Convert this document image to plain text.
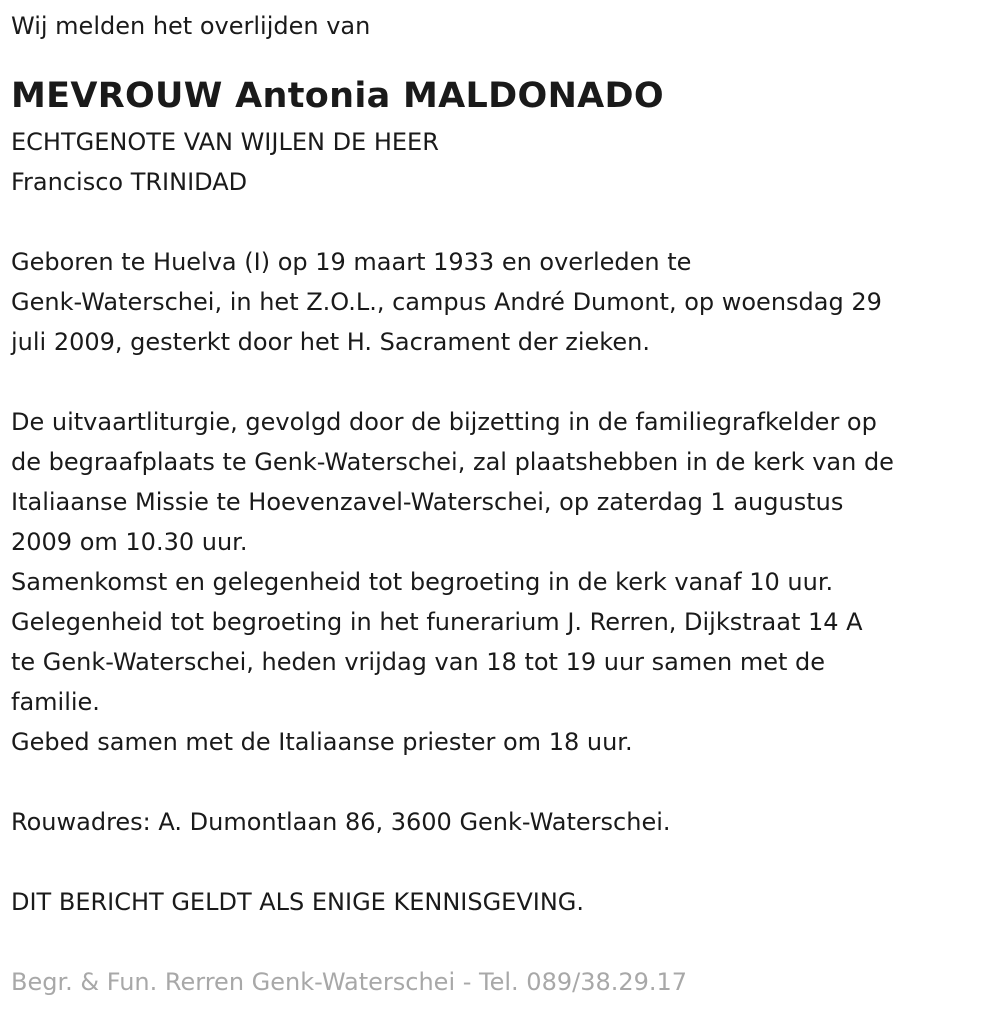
Wij melden het overlijden van

MEVROUW Antonia MALDONADO

ECHTGENOTE VAN WIJLEN DE HEER

Francisco TRINIDAD

Geboren te Huelva (I) op 19 maart 1933 en overleden te

Genk-Waterschei, in het Z.O.L., campus André Dumont, op woensdag 29

juli 2009, gesterkt door het H. Sacrament der zieken.

De uitvaartliturgie, gevolgd door de bijzetting in de familiegrafkelder op

de begraafplaats te Genk-Waterschei, zal plaatshebben in de kerk van de

Italiaanse Missie te Hoevenzavel-Waterschei, op zaterdag 1 augustus

2009 om 10.30 uur.

Samenkomst en gelegenheid tot begroeting in de kerk vanaf 10 uur.

Gelegenheid tot begroeting in het funerarium J. Rerren, Dijkstraat 14 A

te Genk-Waterschei, heden vrijdag van 18 tot 19 uur samen met de

familie.

Gebed samen met de Italiaanse priester om 18 uur.

Rouwadres: A. Dumontlaan 86, 3600 Genk-Waterschei.

DIT BERICHT GELDT ALS ENIGE KENNISGEVING.

Begr. & Fun. Rerren Genk-Waterschei - Tel. 089/38.29.17
